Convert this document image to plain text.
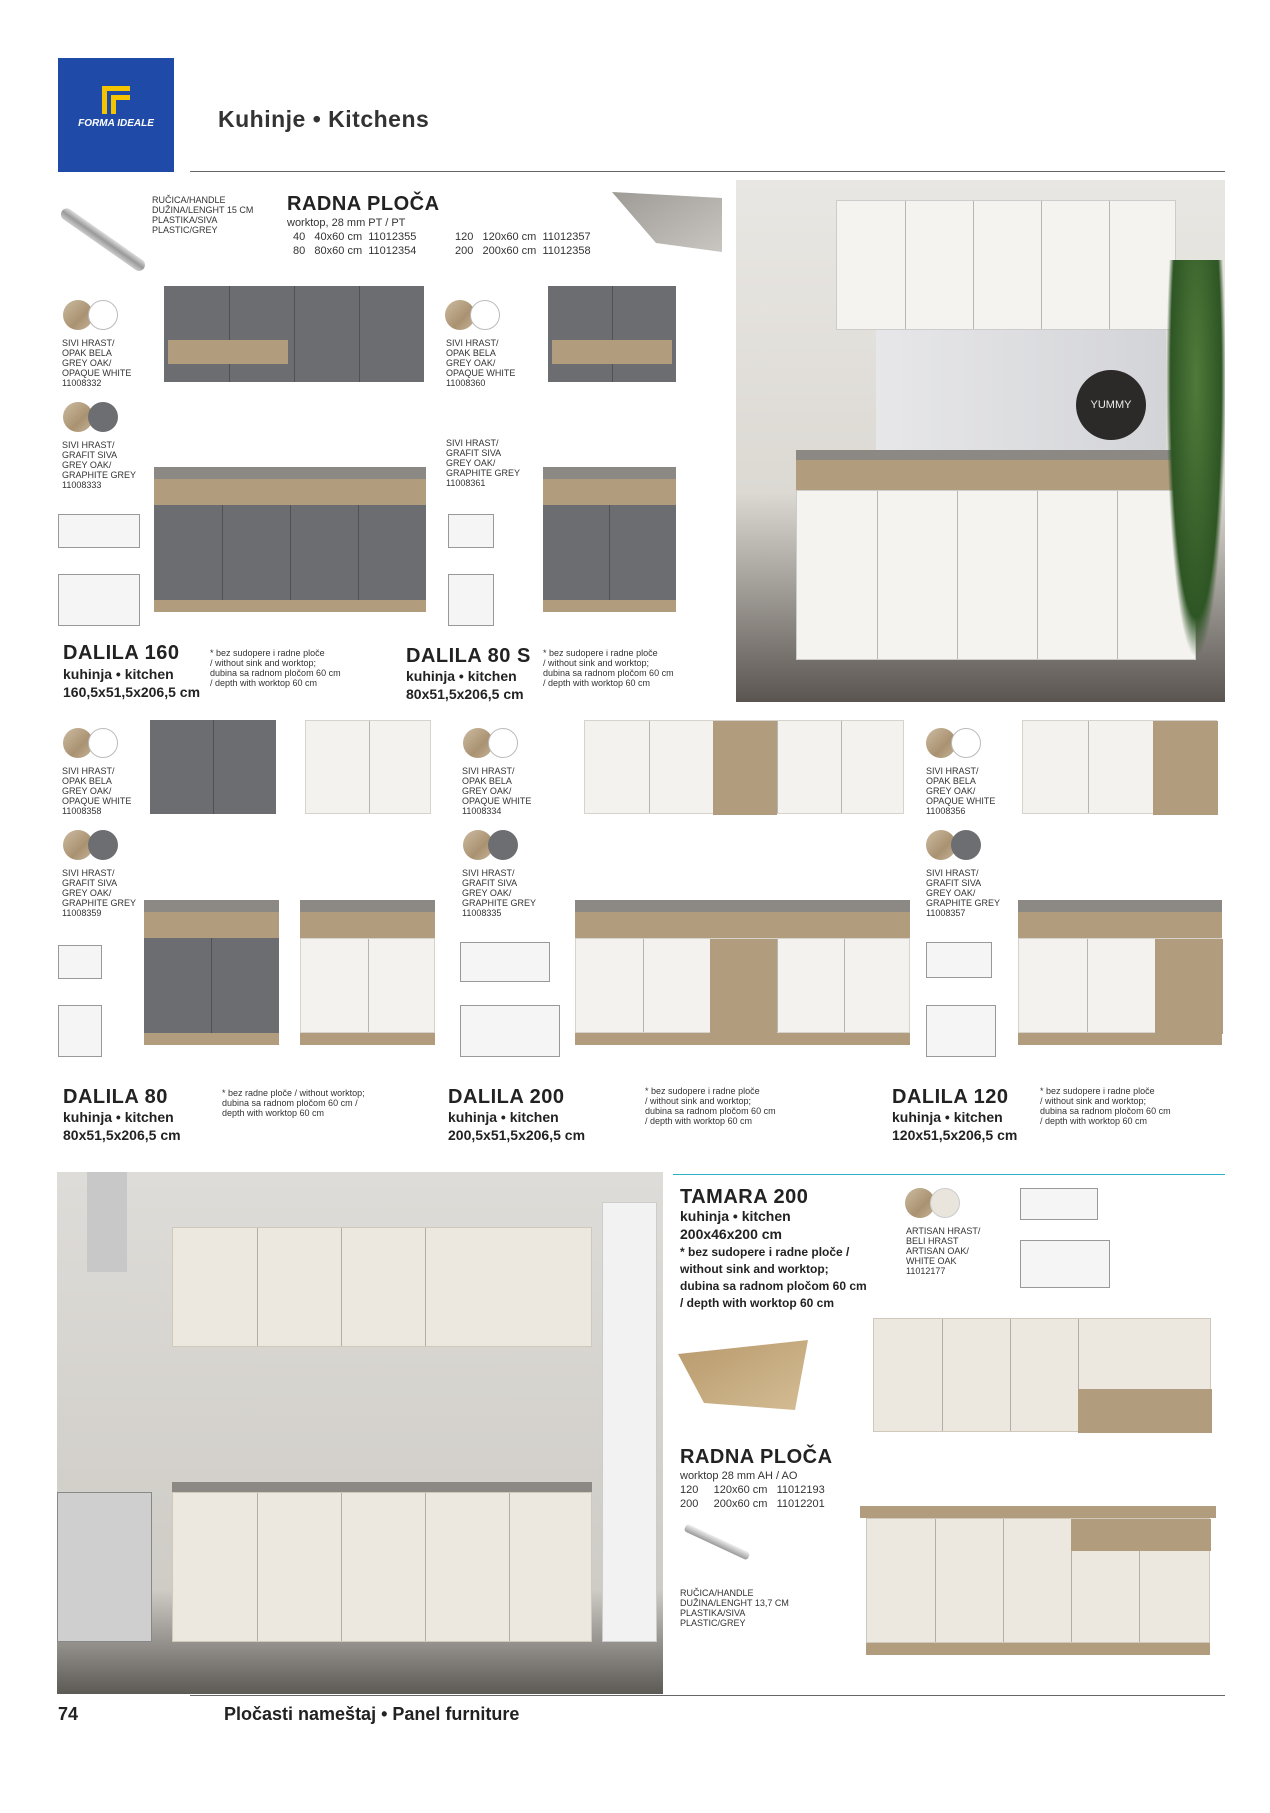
FORMA IDEALE	Kuhinje • Kitchens
RUČICA/HANDLE
DUŽINA/LENGHT 15 CM
PLASTIKA/SIVA
PLASTIC/GREY
RADNA PLOČA
worktop, 28 mm PT / PT
40 40x60 cm 11012355
80 80x60 cm 11012354
120 120x60 cm 11012357
200 200x60 cm 11012358
YUMMY
SIVI HRAST/
OPAK BELA
GREY OAK/
OPAQUE WHITE
11008332
SIVI HRAST/
GRAFIT SIVA
GREY OAK/
GRAPHITE GREY
11008333
DALILA 160
kuhinja • kitchen
160,5x51,5x206,5 cm
* bez sudopere i radne ploče
/ without sink and worktop;
dubina sa radnom pločom 60 cm
/ depth with worktop 60 cm
SIVI HRAST/
OPAK BELA
GREY OAK/
OPAQUE WHITE
11008360
SIVI HRAST/
GRAFIT SIVA
GREY OAK/
GRAPHITE GREY
11008361
DALILA 80 S
kuhinja • kitchen
80x51,5x206,5 cm
* bez sudopere i radne ploče
/ without sink and worktop;
dubina sa radnom pločom 60 cm
/ depth with worktop 60 cm
SIVI HRAST/
OPAK BELA
GREY OAK/
OPAQUE WHITE
11008358
SIVI HRAST/
GRAFIT SIVA
GREY OAK/
GRAPHITE GREY
11008359
DALILA 80
kuhinja • kitchen
80x51,5x206,5 cm
* bez radne ploče / without worktop;
dubina sa radnom pločom 60 cm /
depth with worktop 60 cm
SIVI HRAST/
OPAK BELA
GREY OAK/
OPAQUE WHITE
11008334
SIVI HRAST/
GRAFIT SIVA
GREY OAK/
GRAPHITE GREY
11008335
DALILA 200
kuhinja • kitchen
200,5x51,5x206,5 cm
* bez sudopere i radne ploče
/ without sink and worktop;
dubina sa radnom pločom 60 cm
/ depth with worktop 60 cm
SIVI HRAST/
OPAK BELA
GREY OAK/
OPAQUE WHITE
11008356
SIVI HRAST/
GRAFIT SIVA
GREY OAK/
GRAPHITE GREY
11008357
DALILA 120
kuhinja • kitchen
120x51,5x206,5 cm
* bez sudopere i radne ploče
/ without sink and worktop;
dubina sa radnom pločom 60 cm
/ depth with worktop 60 cm
TAMARA 200
kuhinja • kitchen
200x46x200 cm
* bez sudopere i radne ploče /
without sink and worktop;
dubina sa radnom pločom 60 cm
/ depth with worktop 60 cm
ARTISAN HRAST/
BELI HRAST
ARTISAN OAK/
WHITE OAK
11012177
RADNA PLOČA
worktop 28 mm AH / AO
120     120x60 cm   11012193
200     200x60 cm   11012201
RUČICA/HANDLE
DUŽINA/LENGHT 13,7 CM
PLASTIKA/SIVA
PLASTIC/GREY
74	Pločasti nameštaj • Panel furniture
